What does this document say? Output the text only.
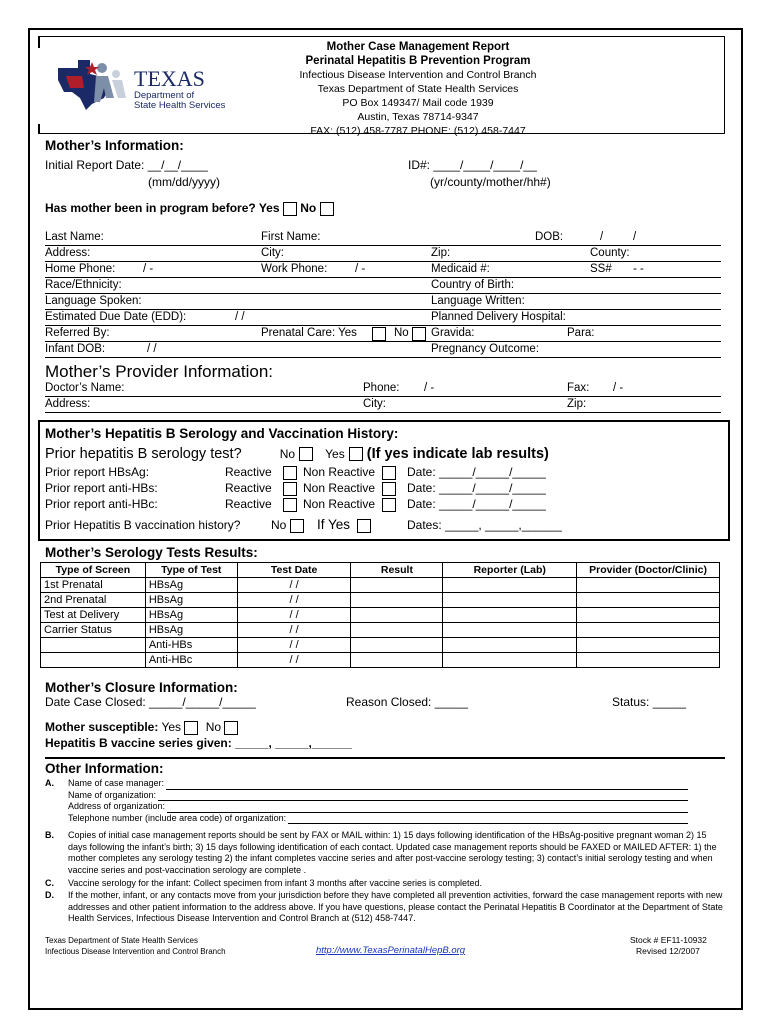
TEXAS
Department of
State Health Services
Mother Case Management Report
Perinatal Hepatitis B Prevention Program
Infectious Disease Intervention and Control Branch
Texas Department of State Health Services
PO Box 149347/ Mail code 1939
Austin, Texas 78714-9347
FAX: (512) 458-7787 PHONE: (512) 458-7447
Mother’s Information:
Initial Report Date: __/__/____
(mm/dd/yyyy)
ID#: ____/____/____/__
(yr/county/mother/hh#)
Has mother been in program before? Yes No
Last Name:	First Name:	DOB:	/	/
Address:	City:	Zip:	County:
Home Phone: / -	Work Phone: / -	Medicaid #:	SS# - -
Race/Ethnicity:	Country of Birth:
Language Spoken:	Language Written:
Estimated Due Date (EDD):	/ /	Planned Delivery Hospital:
Referred By:	Prenatal Care: Yes	No Gravida:	Para:
Infant DOB:	/ /	Pregnancy Outcome:
Mother’s Provider Information:
Doctor’s Name:	Phone: / -	Fax: / -
Address:	City:	Zip:
Mother’s Hepatitis B Serology and Vaccination History:
Prior hepatitis B serology test?	No	Yes (If yes indicate lab results)
Prior report HBsAg:	Reactive	Non Reactive	Date: _____/_____/_____
Prior report anti-HBs:	Reactive	Non Reactive	Date: _____/_____/_____
Prior report anti-HBc:	Reactive	Non Reactive	Date: _____/_____/_____
Prior Hepatitis B vaccination history?	No If Yes	Dates: _____, _____,______
Mother’s Serology Tests Results:
Type of Screen	Type of Test	Test Date	Result	Reporter (Lab)	Provider (Doctor/Clinic)
1st Prenatal	HBsAg	/ /			
2nd Prenatal	HBsAg	/ /			
Test at Delivery	HBsAg	/ /			
Carrier Status	HBsAg	/ /			
	Anti-HBs	/ /			
	Anti-HBc	/ /			
Mother’s Closure Information:
Date Case Closed: _____/_____/_____	Reason Closed: _____	Status: _____
Mother susceptible: Yes No
Hepatitis B vaccine series given: _____, _____,______
Other Information:
A. Name of case manager:
Name of organization:
Address of organization:
Telephone number (include area code) of organization:
B. Copies of initial case management reports should be sent by FAX or MAIL within: 1) 15 days following identification of the HBsAg-positive pregnant woman 2) 15 days following the infant’s birth; 3) 15 days following identification of each contact. Updated case management reports should be FAXED or MAILED AFTER: 1) the mother completes any serology testing 2) the infant completes vaccine series and after post-vaccine serology testing; 3) contact’s initial serology testing and when vaccine series and post-vaccination serology are complete .
C. Vaccine serology for the infant: Collect specimen from infant 3 months after vaccine series is completed.
D. If the mother, infant, or any contacts move from your jurisdiction before they have completed all prevention activities, forward the case management reports with new addresses and other patient information to the address above. If you have questions, please contact the Perinatal Hepatitis B Coordinator at the Department of State Health Services, Infectious Disease Intervention and Control Branch at (512) 458-7447.
Texas Department of State Health Services
Infectious Disease Intervention and Control Branch	http://www.TexasPerinatalHepB.org
Stock # EF11-10932
Revised 12/2007
